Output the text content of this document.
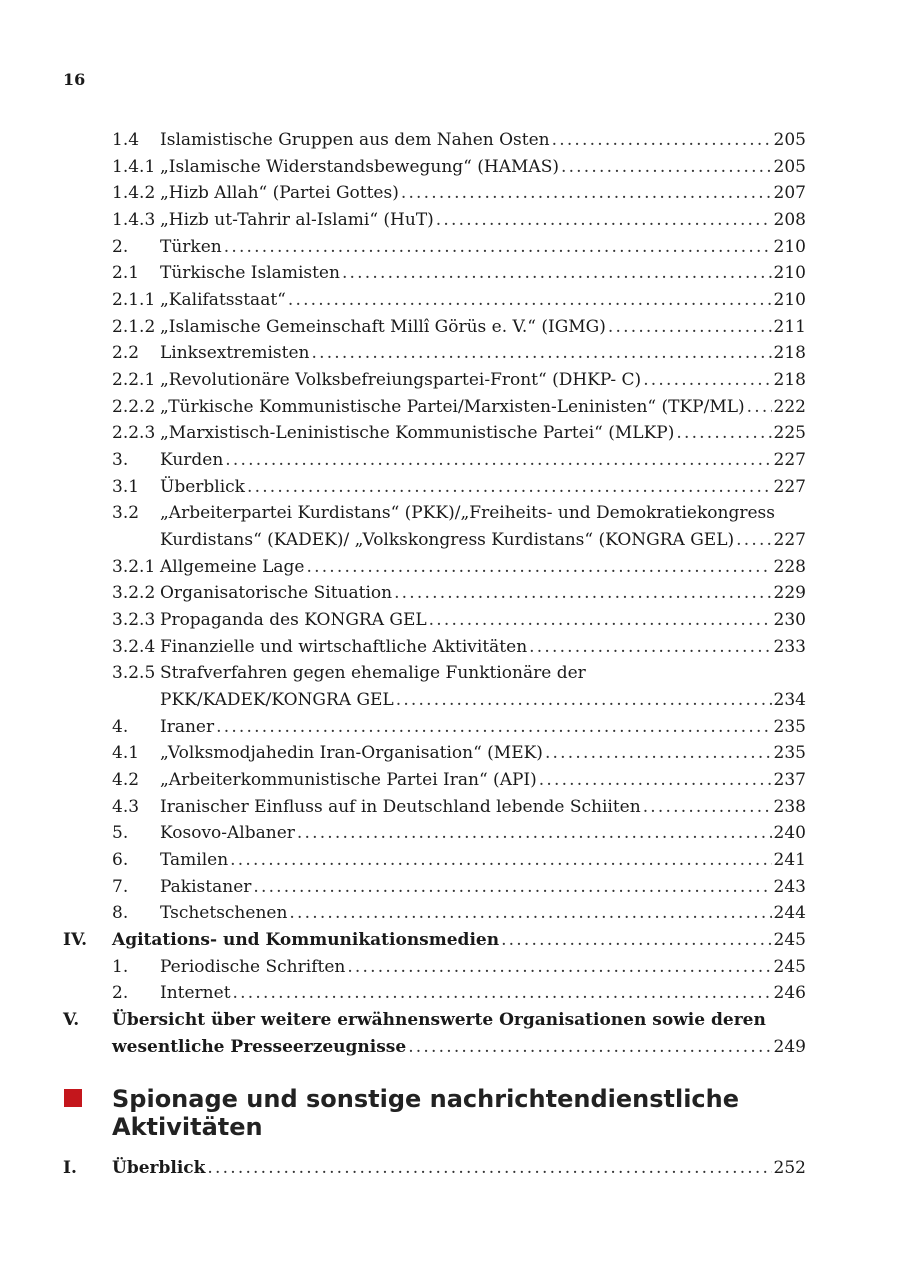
16
1.4 Islamistische Gruppen aus dem Nahen Osten .....	205
1.4.1 „Islamische Widerstandsbewegung“ (HAMAS) .....	205
1.4.2 „Hizb Allah“ (Partei Gottes) .....	207
1.4.3 „Hizb ut-Tahrir al-Islami“ (HuT) .....	208
2. Türken .....	210
2.1 Türkische Islamisten .....	210
2.1.1 „Kalifatsstaat“ .....	210
2.1.2 „Islamische Gemeinschaft Millî Görüs e. V.“ (IGMG) .....	211
2.2 Linksextremisten .....	218
2.2.1 „Revolutionäre Volksbefreiungspartei-Front“ (DHKP- C) .....	218
2.2.2 „Türkische Kommunistische Partei/Marxisten-Leninisten“ (TKP/ML) ..... 222
2.2.3 „Marxistisch-Leninistische Kommunistische Partei“ (MLKP) .....	225
3. Kurden .....	227
3.1 Überblick .....	227
3.2 „Arbeiterpartei Kurdistans“ (PKK)/„Freiheits- und Demokratiekongress
Kurdistans“ (KADEK)/ „Volkskongress Kurdistans“ (KONGRA GEL) ..... 227
3.2.1 Allgemeine Lage .....	228
3.2.2 Organisatorische Situation .....	229
3.2.3 Propaganda des KONGRA GEL .....	230
3.2.4 Finanzielle und wirtschaftliche Aktivitäten .....	233
3.2.5 Strafverfahren gegen ehemalige Funktionäre der
PKK/KADEK/KONGRA GEL .....	234
4. Iraner .....	235
4.1 „Volksmodjahedin Iran-Organisation“ (MEK) .....	235
4.2 „Arbeiterkommunistische Partei Iran“ (API) .....	237
4.3 Iranischer Einfluss auf in Deutschland lebende Schiiten .....	238
5. Kosovo-Albaner .....	240
6. Tamilen .....	241
7. Pakistaner .....	243
8. Tschetschenen .....	244
IV. Agitations- und Kommunikationsmedien .....	245
1. Periodische Schriften .....	245
2. Internet .....	246
V. Übersicht über weitere erwähnenswerte Organisationen sowie deren
wesentliche Presseerzeugnisse .....	249
Spionage und sonstige nachrichtendienstliche Aktivitäten
I. Überblick .....	252
